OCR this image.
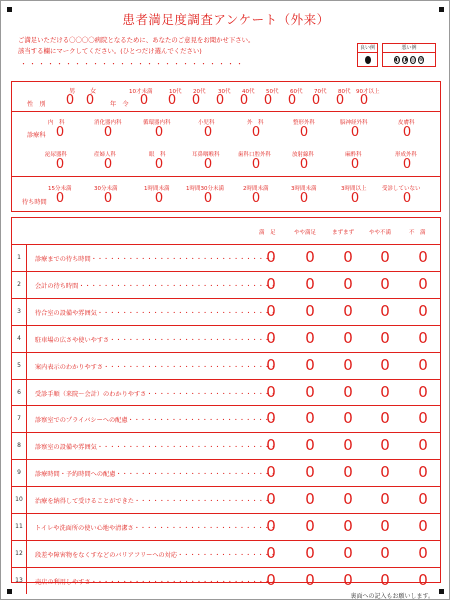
患者満足度調査アンケート（外来）
ご満足いただける〇〇〇〇病院となるために、あなたのご意見をお聞かせ下さい。
該当する欄にマークしてください。(ひとつだけ選んでください)
・・・・・・・・・・・・・・・・・・・・・・・・・
良い例	悪い例
◐ ◑ ◎ ⊗
男 女
性　別 0 0	年　令
10才未満	10代 20代 30代 40代 50代 60代 70代 80代 90才以上
0 0 0 0 0 0 0 0 0 0
診療科
内　科	消化器内科	循環器内科	小児科	外　科	整形外科	脳神経外科	皮膚科
0	0	0	0	0	0	0	0
泌尿器科	産婦人科	眼　科	耳鼻咽喉科	歯科口腔外科	放射線科	麻酔科	形成外科
0	0	0	0	0	0	0	0
待ち時間
15分未満	30分未満	1時間未満	1時間30分未満	2時間未満	3時間未満	3時間以上	受診していない
0	0	0	0	0	0	0	0
満　足	やや満足	まずまず	やや不満	不　満
1	診療までの待ち時間 ・・・・・・・・・・・・・・・・・・・・・・・・・・・・・・・・・・・・・・・・・・	0 0 0 0 0
2	会計の待ち時間 ・・・・・・・・・・・・・・・・・・・・・・・・・・・・・・・・・・・・・・・・・・	0 0 0 0 0
3	待合室の設備や雰囲気 ・・・・・・・・・・・・・・・・・・・・・・・・・・・・・・・・・・・・・・・・・・	0 0 0 0 0
4	駐車場の広さや使いやすさ ・・・・・・・・・・・・・・・・・・・・・・・・・・・・・・・・・・・・・・・・・・	0 0 0 0 0
5	案内表示のわかりやすさ ・・・・・・・・・・・・・・・・・・・・・・・・・・・・・・・・・・・・・・・・・・	0 0 0 0 0
6	受診手順（来院～会計）のわかりやすさ ・・・・・・・・・・・・・・・・・・・・・・・・・・・・・・・・・・・・・・・・・・	0 0 0 0 0
7	診察室でのプライバシーへの配慮 ・・・・・・・・・・・・・・・・・・・・・・・・・・・・・・・・・・・・・・・・・・	0 0 0 0 0
8	診察室の設備や雰囲気 ・・・・・・・・・・・・・・・・・・・・・・・・・・・・・・・・・・・・・・・・・・	0 0 0 0 0
9	診療時間・予約時間への配慮 ・・・・・・・・・・・・・・・・・・・・・・・・・・・・・・・・・・・・・・・・・・	0 0 0 0 0
10	治療を納得して受けることができた ・・・・・・・・・・・・・・・・・・・・・・・・・・・・・・・・・・・・・・・・・・	0 0 0 0 0
11	トイレや洗面所の使い心地や清潔さ ・・・・・・・・・・・・・・・・・・・・・・・・・・・・・・・・・・・・・・・・・・	0 0 0 0 0
12	段差や障害物をなくすなどのバリアフリーへの対応 ・・・・・・・・・・・・・・・・・・・・・・・・・・・・・・・・・・・・・・・・・・	0 0 0 0 0
13	売店の利用しやすさ ・・・・・・・・・・・・・・・・・・・・・・・・・・・・・・・・・・・・・・・・・・	0 0 0 0 0
裏面への記入もお願いします。
